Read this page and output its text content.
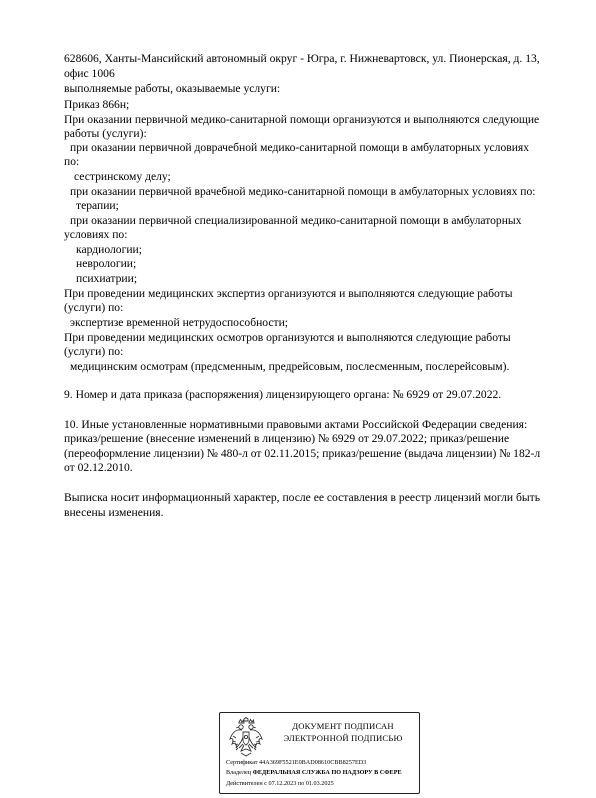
628606, Ханты-Мансийский автономный округ - Югра, г. Нижневартовск, ул. Пионерская, д. 13,
офис 1006
выполняемые работы, оказываемые услуги:
Приказ 866н;
При оказании первичной медико-санитарной помощи организуются и выполняются следующие
работы (услуги):
при оказании первичной доврачебной медико-санитарной помощи в амбулаторных условиях
по:
сестринскому делу;
при оказании первичной врачебной медико-санитарной помощи в амбулаторных условиях по:
терапии;
при оказании первичной специализированной медико-санитарной помощи в амбулаторных
условиях по:
кардиологии;
неврологии;
психиатрии;
При проведении медицинских экспертиз организуются и выполняются следующие работы
(услуги) по:
экспертизе временной нетрудоспособности;
При проведении медицинских осмотров организуются и выполняются следующие работы
(услуги) по:
медицинским осмотрам (предсменным, предрейсовым, послесменным, послерейсовым).
9. Номер и дата приказа (распоряжения) лицензирующего органа: № 6929 от 29.07.2022.
10. Иные установленные нормативными правовыми актами Российской Федерации сведения:
приказ/решение (внесение изменений в лицензию) № 6929 от 29.07.2022; приказ/решение
(переоформление лицензии) № 480-л от 02.11.2015; приказ/решение (выдача лицензии) № 182-л
от 02.12.2010.
Выписка носит информационный характер, после ее составления в реестр лицензий могли быть
внесены изменения.
ДОКУМЕНТ ПОДПИСАН
ЭЛЕКТРОННОЙ ПОДПИСЬЮ
Сертификат 44A369F5521E0BAD08610CBB8257ED3
Владелец ФЕДЕРАЛЬНАЯ СЛУЖБА ПО НАДЗОРУ В СФЕРЕ
Действителен с 07.12.2023 по 01.03.2025
